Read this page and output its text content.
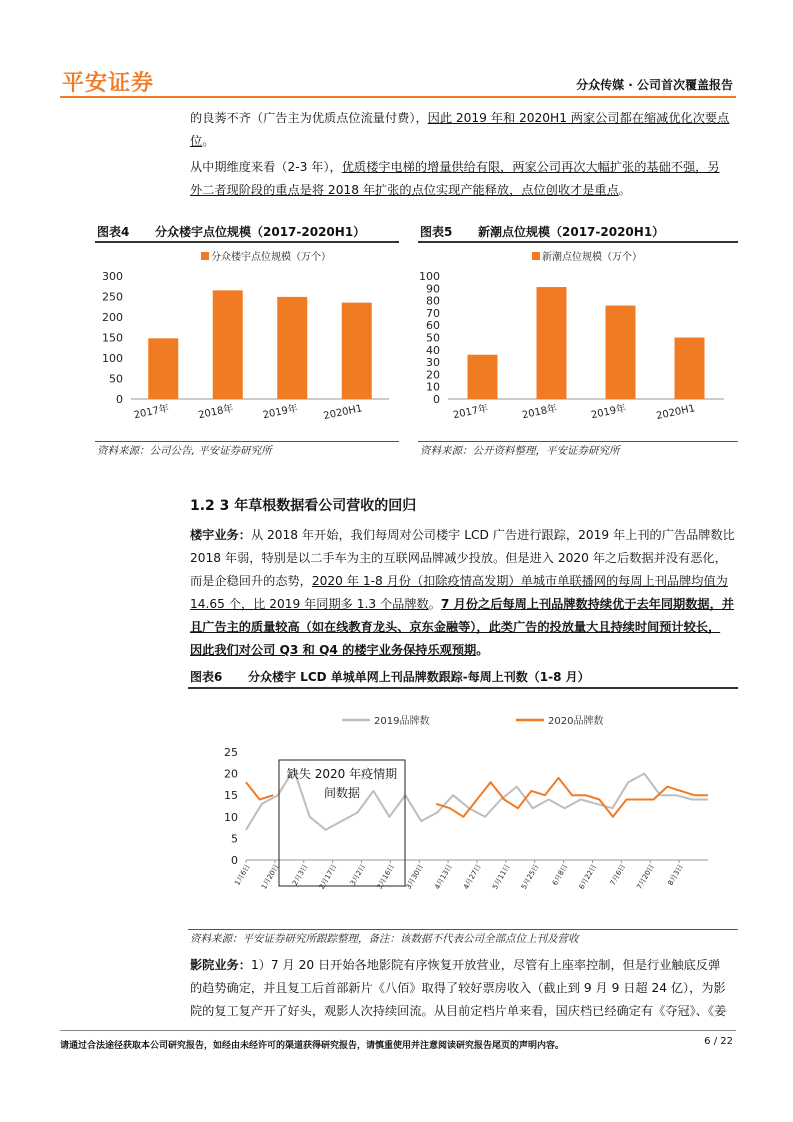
平安证券	分众传媒 · 公司首次覆盖报告
的良莠不齐（广告主为优质点位流量付费），因此 2019 年和 2020H1 两家公司都在缩减优化次要点
位。
从中期维度来看（2-3 年），优质楼宇电梯的增量供给有限，两家公司再次大幅扩张的基础不强，另
外二者现阶段的重点是将 2018 年扩张的点位实现产能释放，点位创收才是重点。
图表4 分众楼宇点位规模（2017-2020H1）
分众楼宇点位规模（万个）
0
50
100
150
200
250
300
2017年	2018年	2019年 2020H1
资料来源：公司公告, 平安证券研究所
图表5 新潮点位规模（2017-2020H1）
新潮点位规模（万个）
0
10
20
30
40
50
60
70
80
90
100
2017年	2018年	2019年	2020H1
资料来源：公开资料整理，平安证券研究所
1.2 3 年草根数据看公司营收的回归
楼宇业务：从 2018 年开始，我们每周对公司楼宇 LCD 广告进行跟踪，2019 年上刊的广告品牌数比
2018 年弱，特别是以二手车为主的互联网品牌减少投放。但是进入 2020 年之后数据并没有恶化，
而是企稳回升的态势，2020 年 1-8 月份（扣除疫情高发期）单城市单联播网的每周上刊品牌均值为
14.65 个，比 2019 年同期多 1.3 个品牌数。7 月份之后每周上刊品牌数持续优于去年同期数据，并
且广告主的质量较高（如在线教育龙头、京东金融等），此类广告的投放量大且持续时间预计较长，
因此我们对公司 Q3 和 Q4 的楼宇业务保持乐观预期。
图表6 分众楼宇 LCD 单城单网上刊品牌数跟踪-每周上刊数（1-8 月）
2019品牌数	2020品牌数
0
5
10
15
20
25
1月6日 1月20日 2月3日 2月17日 3月2日 3月16日 3月30日 4月13日 4月27日 5月11日 5月25日 6月8日 6月22日 7月6日 7月20日 8月3日
缺失 2020 年疫情期
间数据
资料来源：平安证券研究所跟踪整理，备注：该数据不代表公司全部点位上刊及营收
影院业务：1）7 月 20 日开始各地影院有序恢复开放营业，尽管有上座率控制，但是行业触底反弹
的趋势确定，并且复工后首部新片《八佰》取得了较好票房收入（截止到 9 月 9 日超 24 亿），为影
院的复工复产开了好头，观影人次持续回流。从目前定档片单来看，国庆档已经确定有《夺冠》、《姜
请通过合法途径获取本公司研究报告，如经由未经许可的渠道获得研究报告，请慎重使用并注意阅读研究报告尾页的声明内容。	6 / 22
